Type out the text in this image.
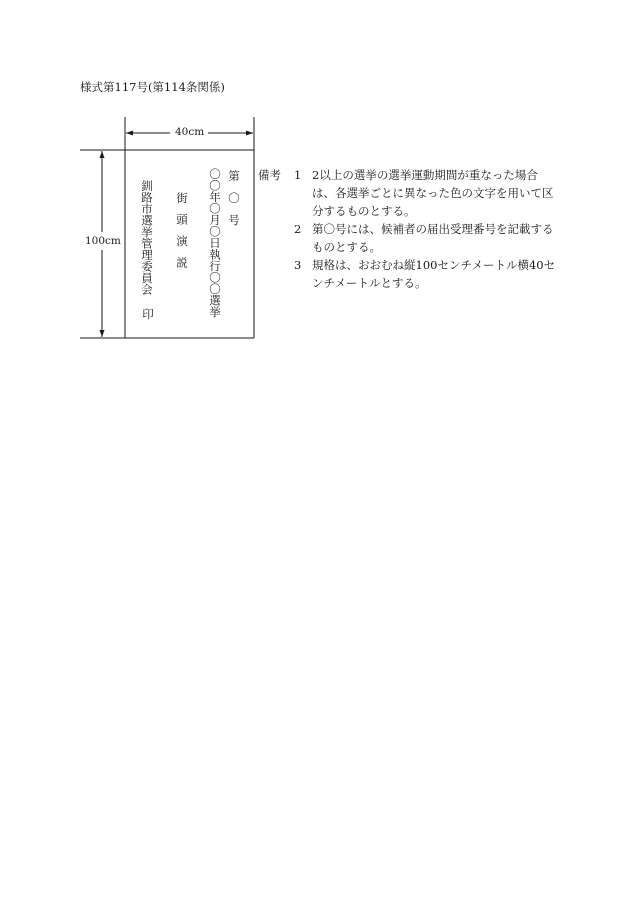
様式第117号(第114条関係)
40cm
100cm
第
〇
号
〇〇年〇月〇日執行〇〇選挙
街頭演説
釧路市選挙管理委員会
印
備考 1 2以上の選挙の選挙運動期間が重なった場合は、各選挙ごとに異なった色の文字を用いて区分するものとする。
2 第〇号には、候補者の届出受理番号を記載するものとする。
3 規格は、おおむね縦100センチメートル横40センチメートルとする。
